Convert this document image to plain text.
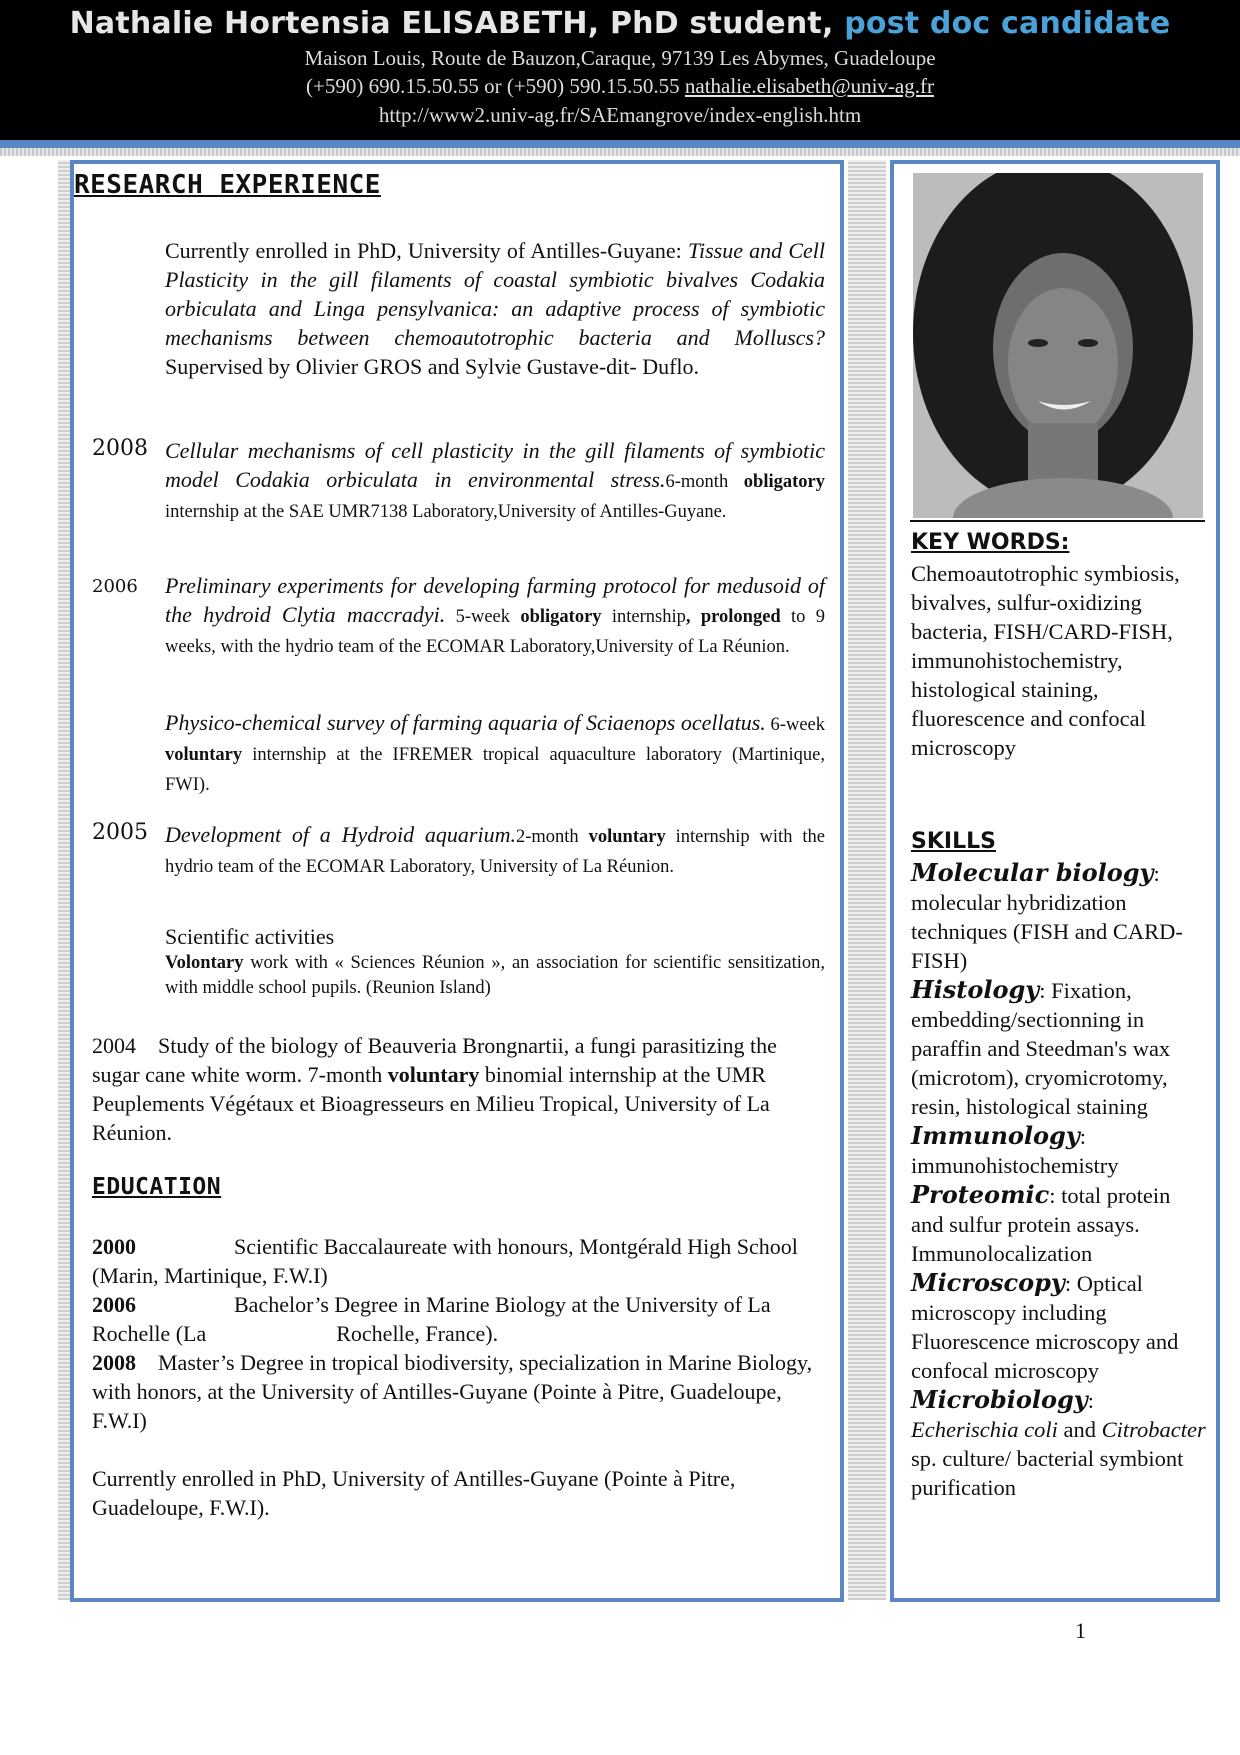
Nathalie Hortensia ELISABETH, PhD student, post doc candidate
Maison Louis, Route de Bauzon,Caraque, 97139 Les Abymes, Guadeloupe
(+590) 690.15.50.55 or (+590) 590.15.50.55 nathalie.elisabeth@univ-ag.fr
http://www2.univ-ag.fr/SAEmangrove/index-english.htm
RESEARCH EXPERIENCE
Currently enrolled in PhD, University of Antilles-Guyane: Tissue and Cell Plasticity in the gill filaments of coastal symbiotic bivalves Codakia orbiculata and Linga pensylvanica: an adaptive process of symbiotic mechanisms between chemoautotrophic bacteria and Molluscs? Supervised by Olivier GROS and Sylvie Gustave-dit- Duflo.
2008 Cellular mechanisms of cell plasticity in the gill filaments of symbiotic model Codakia orbiculata in environmental stress.6-month obligatory internship at the SAE UMR7138 Laboratory,University of Antilles-Guyane.
2006 Preliminary experiments for developing farming protocol for medusoid of the hydroid Clytia maccradyi. 5-week obligatory internship, prolonged to 9 weeks, with the hydrio team of the ECOMAR Laboratory,University of La Réunion.
Physico-chemical survey of farming aquaria of Sciaenops ocellatus. 6-week voluntary internship at the IFREMER tropical aquaculture laboratory (Martinique, FWI).
2005 Development of a Hydroid aquarium.2-month voluntary internship with the hydrio team of the ECOMAR Laboratory, University of La Réunion.
Scientific activities
Volontary work with « Sciences Réunion », an association for scientific sensitization, with middle school pupils. (Reunion Island)
2004 Study of the biology of Beauveria Brongnartii, a fungi parasitizing the sugar cane white worm. 7-month voluntary binomial internship at the UMR Peuplements Végétaux et Bioagresseurs en Milieu Tropical, University of La Réunion.
EDUCATION
2000	Scientific Baccalaureate with honours, Montgérald High School (Marin, Martinique, F.W.I)
2006	Bachelor’s Degree in Marine Biology at the University of La Rochelle (La	Rochelle, France).
2008 Master’s Degree in tropical biodiversity, specialization in Marine Biology, with honors, at the University of Antilles-Guyane (Pointe à Pitre, Guadeloupe, F.W.I)
Currently enrolled in PhD, University of Antilles-Guyane (Pointe à Pitre, Guadeloupe, F.W.I).
KEY WORDS:
Chemoautotrophic symbiosis, bivalves, sulfur-oxidizing bacteria, FISH/CARD-FISH, immunohistochemistry, histological staining, fluorescence and confocal microscopy
SKILLS
Molecular biology: molecular hybridization techniques (FISH and CARD-FISH)
Histology: Fixation, embedding/sectionning in paraffin and Steedman's wax (microtom), cryomicrotomy, resin, histological staining
Immunology: immunohistochemistry
Proteomic: total protein and sulfur protein assays. Immunolocalization
Microscopy: Optical microscopy including Fluorescence microscopy and confocal microscopy
Microbiology:
Echerischia coli and Citrobacter sp. culture/ bacterial symbiont purification
1
